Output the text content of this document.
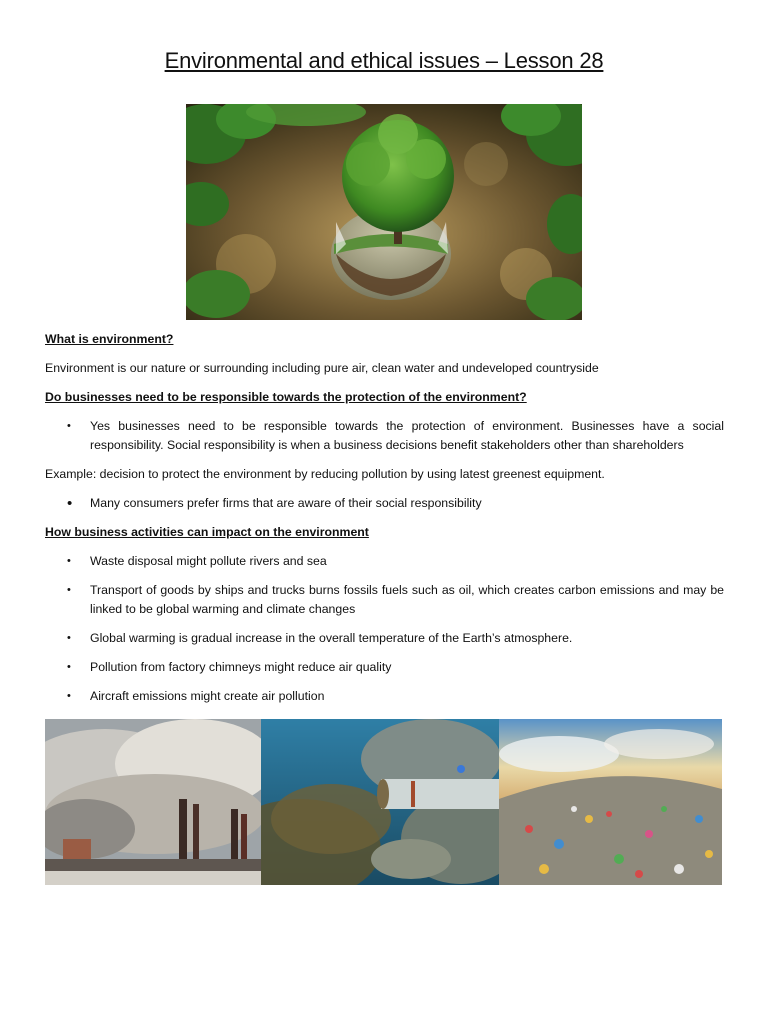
Environmental and ethical issues – Lesson 28
What is environment?
Environment is our nature or surrounding including pure air, clean water and undeveloped countryside
Do businesses need to be responsible towards the protection of the environment?
• Yes businesses need to be responsible towards the protection of environment. Businesses have a social responsibility. Social responsibility is when a business decisions benefit stakeholders other than shareholders
Example: decision to protect the environment by reducing pollution by using latest greenest equipment.
• Many consumers prefer firms that are aware of their social responsibility
How business activities can impact on the environment
• Waste disposal might pollute rivers and sea
• Transport of goods by ships and trucks burns fossils fuels such as oil, which creates carbon emissions and may be linked to be global warming and climate changes
• Global warming is gradual increase in the overall temperature of the Earth’s atmosphere.
• Pollution from factory chimneys might reduce air quality
• Aircraft emissions might create air pollution
